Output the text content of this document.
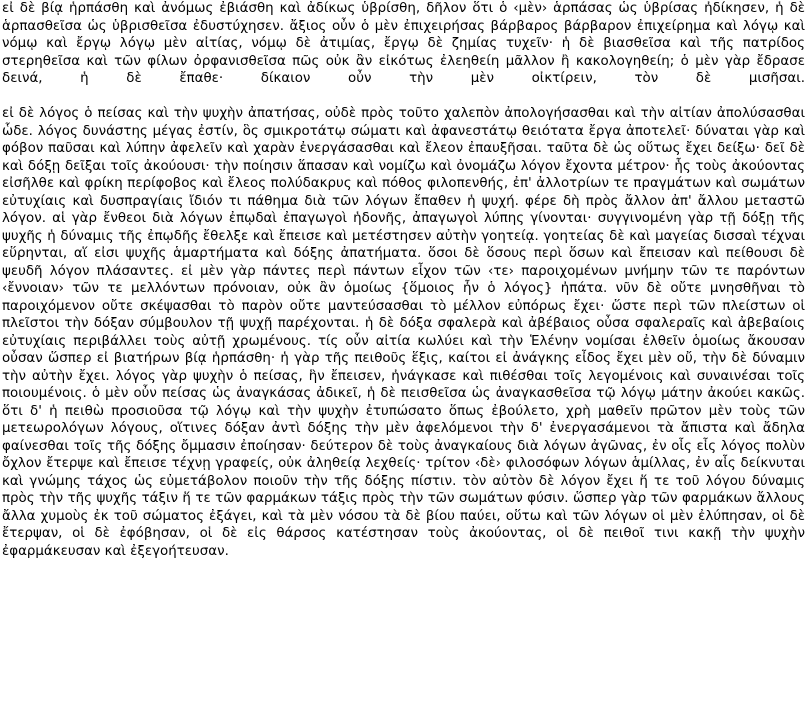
εἰ δὲ βίᾳ ἡρπάσθη καὶ ἀνόμως ἐβιάσθη καὶ ἀδίκως ὑβρίσθη, δῆλον ὅτι ὁ ‹μὲν› ἁρπάσας ὡς ὑβρίσας ἠδίκησεν, ἡ δὲ ἁρπασθεῖσα ὡς ὑβρισθεῖσα ἐδυστύχησεν. ἄξιος οὖν ὁ μὲν ἐπιχειρήσας βάρβαρος βάρβαρον ἐπιχείρημα καὶ λόγῳ καὶ νόμῳ καὶ ἔργῳ λόγῳ μὲν αἰτίας, νόμῳ δὲ ἀτιμίας, ἔργῳ δὲ ζημίας τυχεῖν· ἡ δὲ βιασθεῖσα καὶ τῆς πατρίδος στερηθεῖσα καὶ τῶν φίλων ὀρφανισθεῖσα πῶς οὐκ ἂν εἰκότως ἐλεηθείη μᾶλλον ἢ κακολογηθείη; ὁ μὲν γὰρ ἔδρασε δεινά, ἡ δὲ ἔπαθε· δίκαιον οὖν τὴν μὲν οἰκτίρειν, τὸν δὲ μισῆσαι.

εἰ δὲ λόγος ὁ πείσας καὶ τὴν ψυχὴν ἀπατήσας, οὐδὲ πρὸς τοῦτο χαλεπὸν ἀπολογήσασθαι καὶ τὴν αἰτίαν ἀπολύσασθαι ὧδε. λόγος δυνάστης μέγας ἐστίν, ὃς σμικροτάτῳ σώματι καὶ ἀφανεστάτῳ θειότατα ἔργα ἀποτελεῖ· δύναται γὰρ καὶ φόβον παῦσαι καὶ λύπην ἀφελεῖν καὶ χαρὰν ἐνεργάσασθαι καὶ ἔλεον ἐπαυξῆσαι. ταῦτα δὲ ὡς οὕτως ἔχει δείξω· δεῖ δὲ καὶ δόξῃ δεῖξαι τοῖς ἀκούουσι· τὴν ποίησιν ἅπασαν καὶ νομίζω καὶ ὀνομάζω λόγον ἔχοντα μέτρον· ἧς τοὺς ἀκούοντας εἰσῆλθε καὶ φρίκη περίφοβος καὶ ἔλεος πολύδακρυς καὶ πόθος φιλοπενθής, ἐπ' ἀλλοτρίων τε πραγμάτων καὶ σωμάτων εὐτυχίαις καὶ δυσπραγίαις ἴδιόν τι πάθημα διὰ τῶν λόγων ἔπαθεν ἡ ψυχή. φέρε δὴ πρὸς ἄλλον ἀπ' ἄλλου μεταστῶ λόγον. αἱ γὰρ ἔνθεοι διὰ λόγων ἐπῳδαὶ ἐπαγωγοὶ ἡδονῆς, ἀπαγωγοὶ λύπης γίνονται· συγγινομένη γὰρ τῇ δόξῃ τῆς ψυχῆς ἡ δύναμις τῆς ἐπῳδῆς ἔθελξε καὶ ἔπεισε καὶ μετέστησεν αὐτὴν γοητείᾳ. γοητείας δὲ καὶ μαγείας δισσαὶ τέχναι εὕρηνται, αἵ εἰσι ψυχῆς ἁμαρτήματα καὶ δόξης ἀπατήματα. ὅσοι δὲ ὅσους περὶ ὅσων καὶ ἔπεισαν καὶ πείθουσι δὲ ψευδῆ λόγον πλάσαντες. εἰ μὲν γὰρ πάντες περὶ πάντων εἶχον τῶν ‹τε› παροιχομένων μνήμην τῶν τε παρόντων ‹ἔννοιαν› τῶν τε μελλόντων πρόνοιαν, οὐκ ἂν ὁμοίως {ὅμοιος ἦν ὁ λόγος} ἠπάτα. νῦν δὲ οὔτε μνησθῆναι τὸ παροιχόμενον οὔτε σκέψασθαι τὸ παρὸν οὔτε μαντεύσασθαι τὸ μέλλον εὐπόρως ἔχει· ὥστε περὶ τῶν πλείστων οἱ πλεῖστοι τὴν δόξαν σύμβουλον τῇ ψυχῇ παρέχονται. ἡ δὲ δόξα σφαλερὰ καὶ ἀβέβαιος οὖσα σφαλεραῖς καὶ ἀβεβαίοις εὐτυχίαις περιβάλλει τοὺς αὐτῇ χρωμένους. τίς οὖν αἰτία κωλύει καὶ τὴν Ἑλένην νομίσαι ἐλθεῖν ὁμοίως ἄκουσαν οὖσαν ὥσπερ εἰ βιατήρων βίᾳ ἡρπάσθη· ἡ γὰρ τῆς πειθοῦς ἕξις, καίτοι εἰ ἀνάγκης εἶδος ἔχει μὲν οὔ, τὴν δὲ δύναμιν τὴν αὐτὴν ἔχει. λόγος γὰρ ψυχὴν ὁ πείσας, ἣν ἔπεισεν, ἠνάγκασε καὶ πιθέσθαι τοῖς λεγομένοις καὶ συναινέσαι τοῖς ποιουμένοις. ὁ μὲν οὖν πείσας ὡς ἀναγκάσας ἀδικεῖ, ἡ δὲ πεισθεῖσα ὡς ἀναγκασθεῖσα τῷ λόγῳ μάτην ἀκούει κακῶς. ὅτι δ' ἡ πειθὼ προσιοῦσα τῷ λόγῳ καὶ τὴν ψυχὴν ἐτυπώσατο ὅπως ἐβούλετο, χρὴ μαθεῖν πρῶτον μὲν τοὺς τῶν μετεωρολόγων λόγους, οἵτινες δόξαν ἀντὶ δόξης τὴν μὲν ἀφελόμενοι τὴν δ' ἐνεργασάμενοι τὰ ἄπιστα καὶ ἄδηλα φαίνεσθαι τοῖς τῆς δόξης ὄμμασιν ἐποίησαν· δεύτερον δὲ τοὺς ἀναγκαίους διὰ λόγων ἀγῶνας, ἐν οἷς εἷς λόγος πολὺν ὄχλον ἔτερψε καὶ ἔπεισε τέχνῃ γραφείς, οὐκ ἀληθείᾳ λεχθείς· τρίτον ‹δὲ› φιλοσόφων λόγων ἁμίλλας, ἐν αἷς δείκνυται καὶ γνώμης τάχος ὡς εὐμετάβολον ποιοῦν τὴν τῆς δόξης πίστιν. τὸν αὐτὸν δὲ λόγον ἔχει ἥ τε τοῦ λόγου δύναμις πρὸς τὴν τῆς ψυχῆς τάξιν ἥ τε τῶν φαρμάκων τάξις πρὸς τὴν τῶν σωμάτων φύσιν. ὥσπερ γὰρ τῶν φαρμάκων ἄλλους ἄλλα χυμοὺς ἐκ τοῦ σώματος ἐξάγει, καὶ τὰ μὲν νόσου τὰ δὲ βίου παύει, οὕτω καὶ τῶν λόγων οἱ μὲν ἐλύπησαν, οἱ δὲ ἔτερψαν, οἱ δὲ ἐφόβησαν, οἱ δὲ εἰς θάρσος κατέστησαν τοὺς ἀκούοντας, οἱ δὲ πειθοῖ τινι κακῇ τὴν ψυχὴν ἐφαρμάκευσαν καὶ ἐξεγοήτευσαν.
